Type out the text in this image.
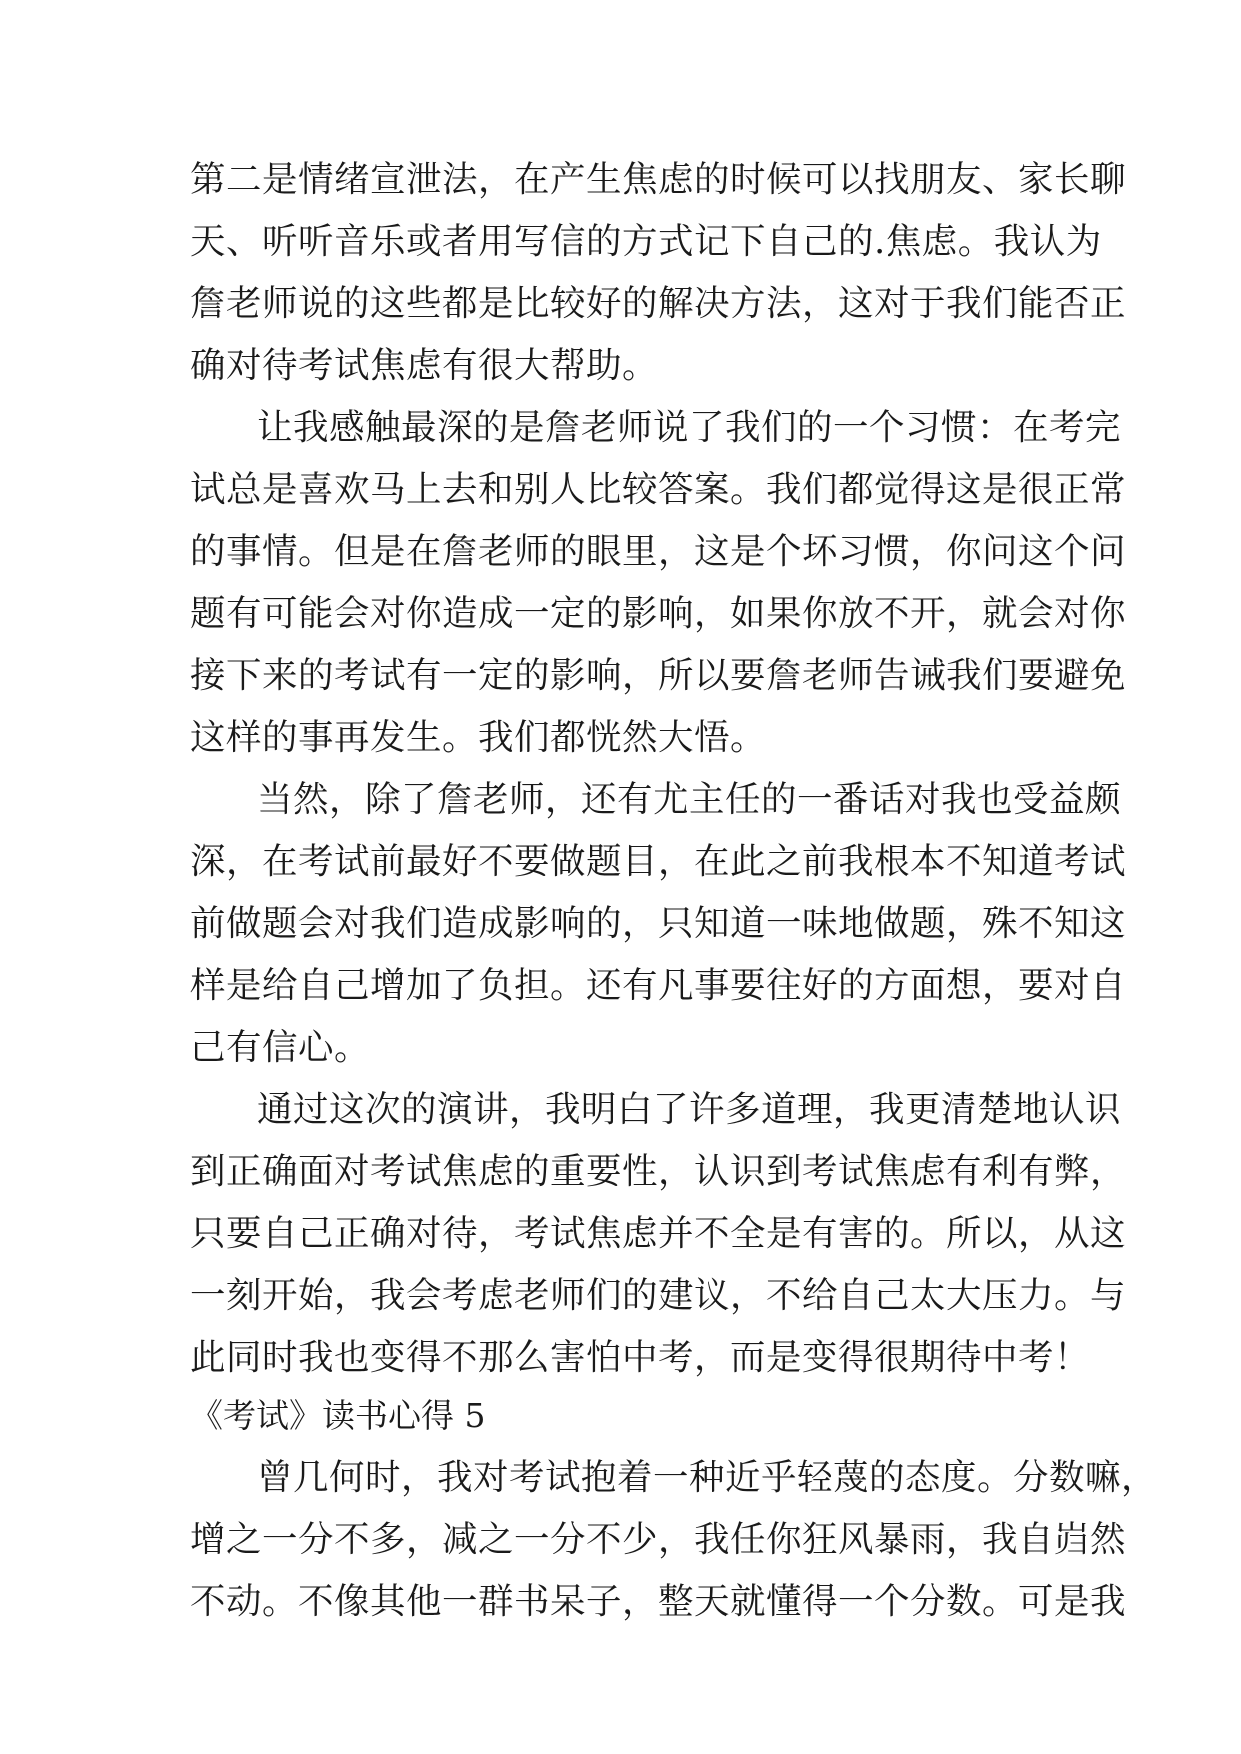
第二是情绪宣泄法，在产生焦虑的时候可以找朋友、家长聊
天、听听音乐或者用写信的方式记下自己的.焦虑。我认为
詹老师说的这些都是比较好的解决方法，这对于我们能否正
确对待考试焦虑有很大帮助。
让我感触最深的是詹老师说了我们的一个习惯：在考完
试总是喜欢马上去和别人比较答案。我们都觉得这是很正常
的事情。但是在詹老师的眼里，这是个坏习惯，你问这个问
题有可能会对你造成一定的影响，如果你放不开，就会对你
接下来的考试有一定的影响，所以要詹老师告诫我们要避免
这样的事再发生。我们都恍然大悟。
当然，除了詹老师，还有尤主任的一番话对我也受益颇
深，在考试前最好不要做题目，在此之前我根本不知道考试
前做题会对我们造成影响的，只知道一味地做题，殊不知这
样是给自己增加了负担。还有凡事要往好的方面想，要对自
己有信心。
通过这次的演讲，我明白了许多道理，我更清楚地认识
到正确面对考试焦虑的重要性，认识到考试焦虑有利有弊，
只要自己正确对待，考试焦虑并不全是有害的。所以，从这
一刻开始，我会考虑老师们的建议，不给自己太大压力。与
此同时我也变得不那么害怕中考，而是变得很期待中考！
《考试》读书心得 5
曾几何时，我对考试抱着一种近乎轻蔑的态度。分数嘛，
增之一分不多，减之一分不少，我任你狂风暴雨，我自岿然
不动。不像其他一群书呆子，整天就懂得一个分数。可是我
